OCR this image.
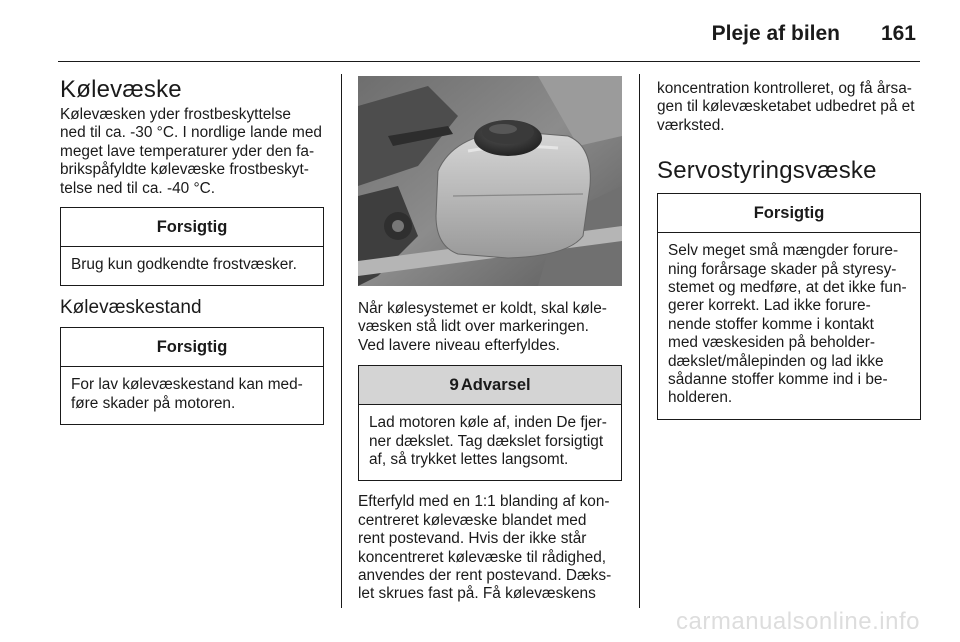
Pleje af bilen 161
Kølevæske

Kølevæsken yder frostbeskyttelse
ned til ca. -30 °C. I nordlige lande med
meget lave temperaturer yder den fa-
brikspåfyldte kølevæske frostbeskyt-
telse ned til ca. -40 °C.

Forsigtig
Brug kun godkendte frostvæsker.
Kølevæskestand
Forsigtig
For lav kølevæskestand kan med-
føre skader på motoren.

Når kølesystemet er koldt, skal køle-
væsken stå lidt over markeringen.
Ved lavere niveau efterfyldes.

9 Advarsel
Lad motoren køle af, inden De fjer-
ner dækslet. Tag dækslet forsigtigt
af, så trykket lettes langsomt.

Efterfyld med en 1:1 blanding af kon-
centreret kølevæske blandet med
rent postevand. Hvis der ikke står
koncentreret kølevæske til rådighed,
anvendes der rent postevand. Dæks-
let skrues fast på. Få kølevæskens

koncentration kontrolleret, og få årsa-
gen til kølevæsketabet udbedret på et
værksted.

Servostyringsvæske
Forsigtig
Selv meget små mængder forure-
ning forårsage skader på styresy-
stemet og medføre, at det ikke fun-
gerer korrekt. Lad ikke forure-
nende stoffer komme i kontakt
med væskesiden på beholder-
dækslet/målepinden og lad ikke
sådanne stoffer komme ind i be-
holderen.
carmanualsonline.info
